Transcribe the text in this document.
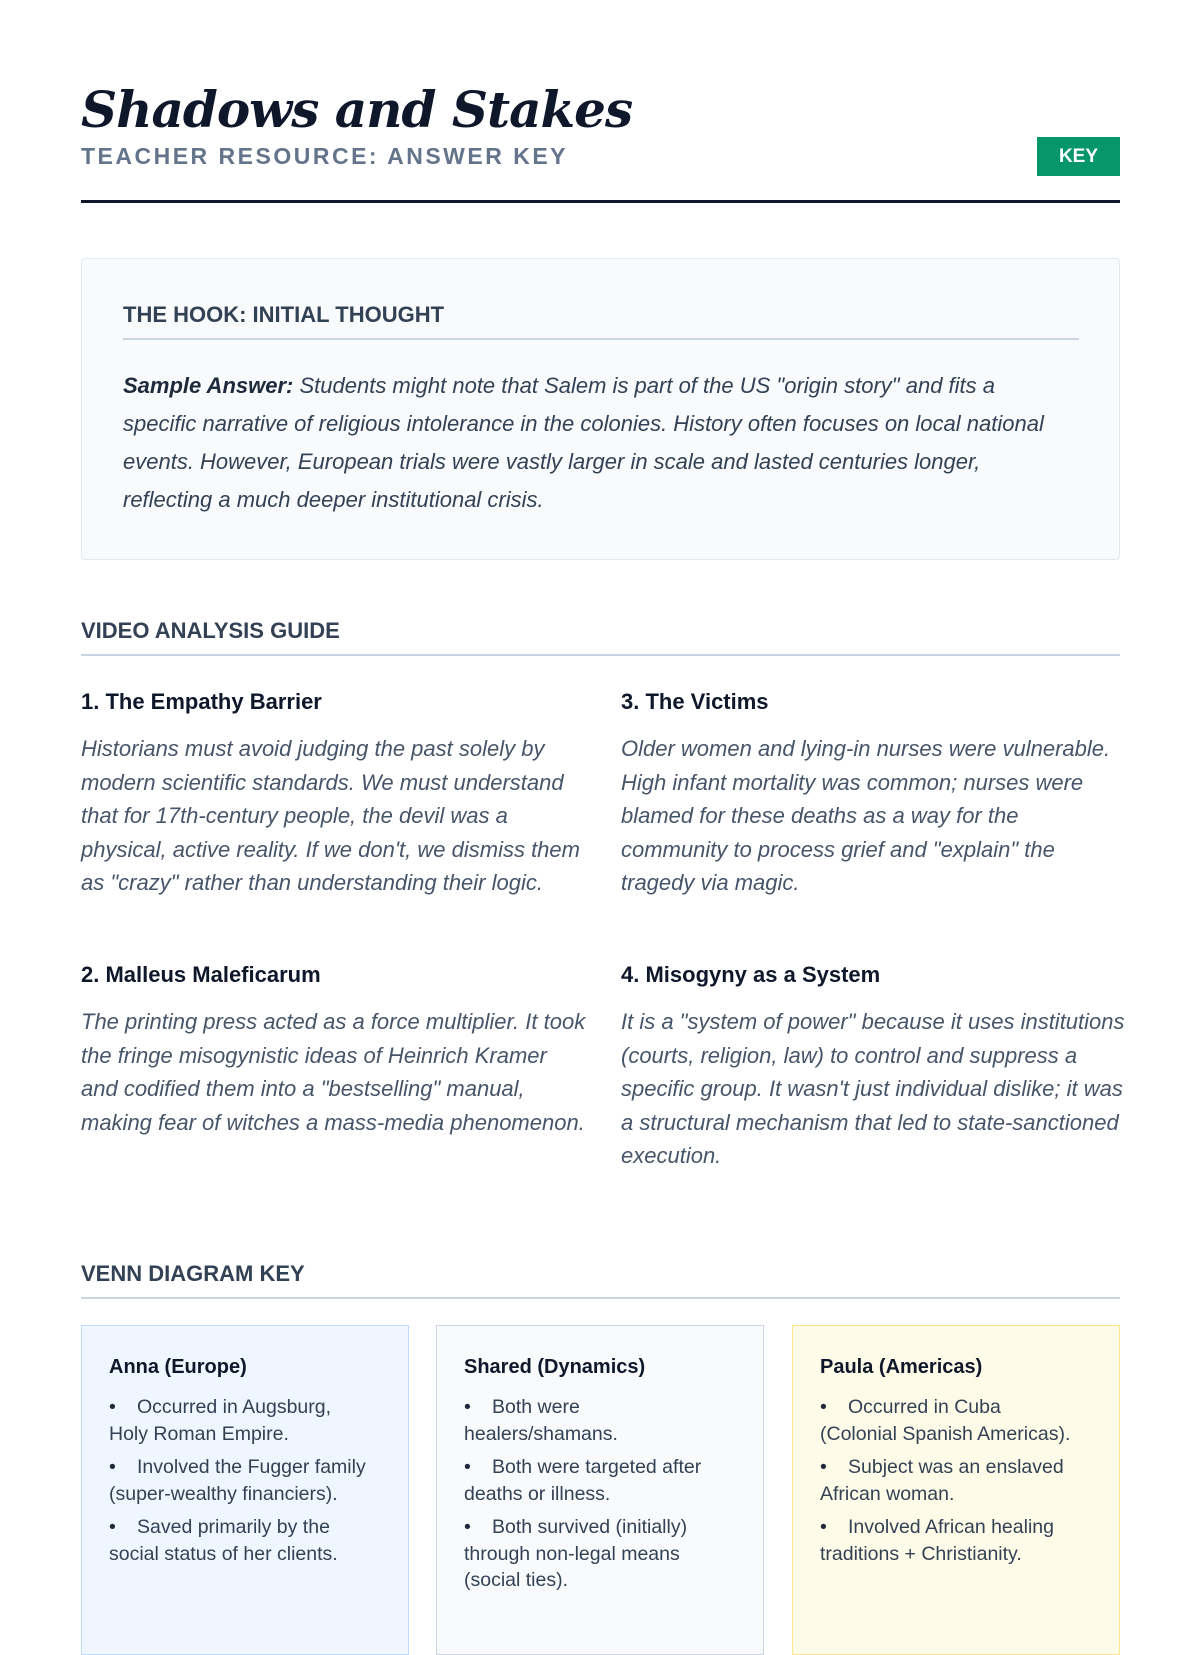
Shadows and Stakes
TEACHER RESOURCE: ANSWER KEY	KEY
THE HOOK: INITIAL THOUGHT
Sample Answer: Students might note that Salem is part of the US "origin story" and fits a specific narrative of religious intolerance in the colonies. History often focuses on local national events. However, European trials were vastly larger in scale and lasted centuries longer, reflecting a much deeper institutional crisis.
VIDEO ANALYSIS GUIDE
1. The Empathy Barrier
Historians must avoid judging the past solely by modern scientific standards. We must understand that for 17th-century people, the devil was a physical, active reality. If we don't, we dismiss them as "crazy" rather than understanding their logic.
2. Malleus Maleficarum
The printing press acted as a force multiplier. It took the fringe misogynistic ideas of Heinrich Kramer and codified them into a "bestselling" manual, making fear of witches a mass-media phenomenon.
3. The Victims
Older women and lying-in nurses were vulnerable. High infant mortality was common; nurses were blamed for these deaths as a way for the community to process grief and "explain" the tragedy via magic.
4. Misogyny as a System
It is a "system of power" because it uses institutions (courts, religion, law) to control and suppress a specific group. It wasn't just individual dislike; it was a structural mechanism that led to state-sanctioned execution.
VENN DIAGRAM KEY
Anna (Europe)
• Occurred in Augsburg, Holy Roman Empire.
• Involved the Fugger family (super-wealthy financiers).
• Saved primarily by the social status of her clients.
Shared (Dynamics)
• Both were healers/shamans.
• Both were targeted after deaths or illness.
• Both survived (initially) through non-legal means (social ties).
Paula (Americas)
• Occurred in Cuba (Colonial Spanish Americas).
• Subject was an enslaved African woman.
• Involved African healing traditions + Christianity.
